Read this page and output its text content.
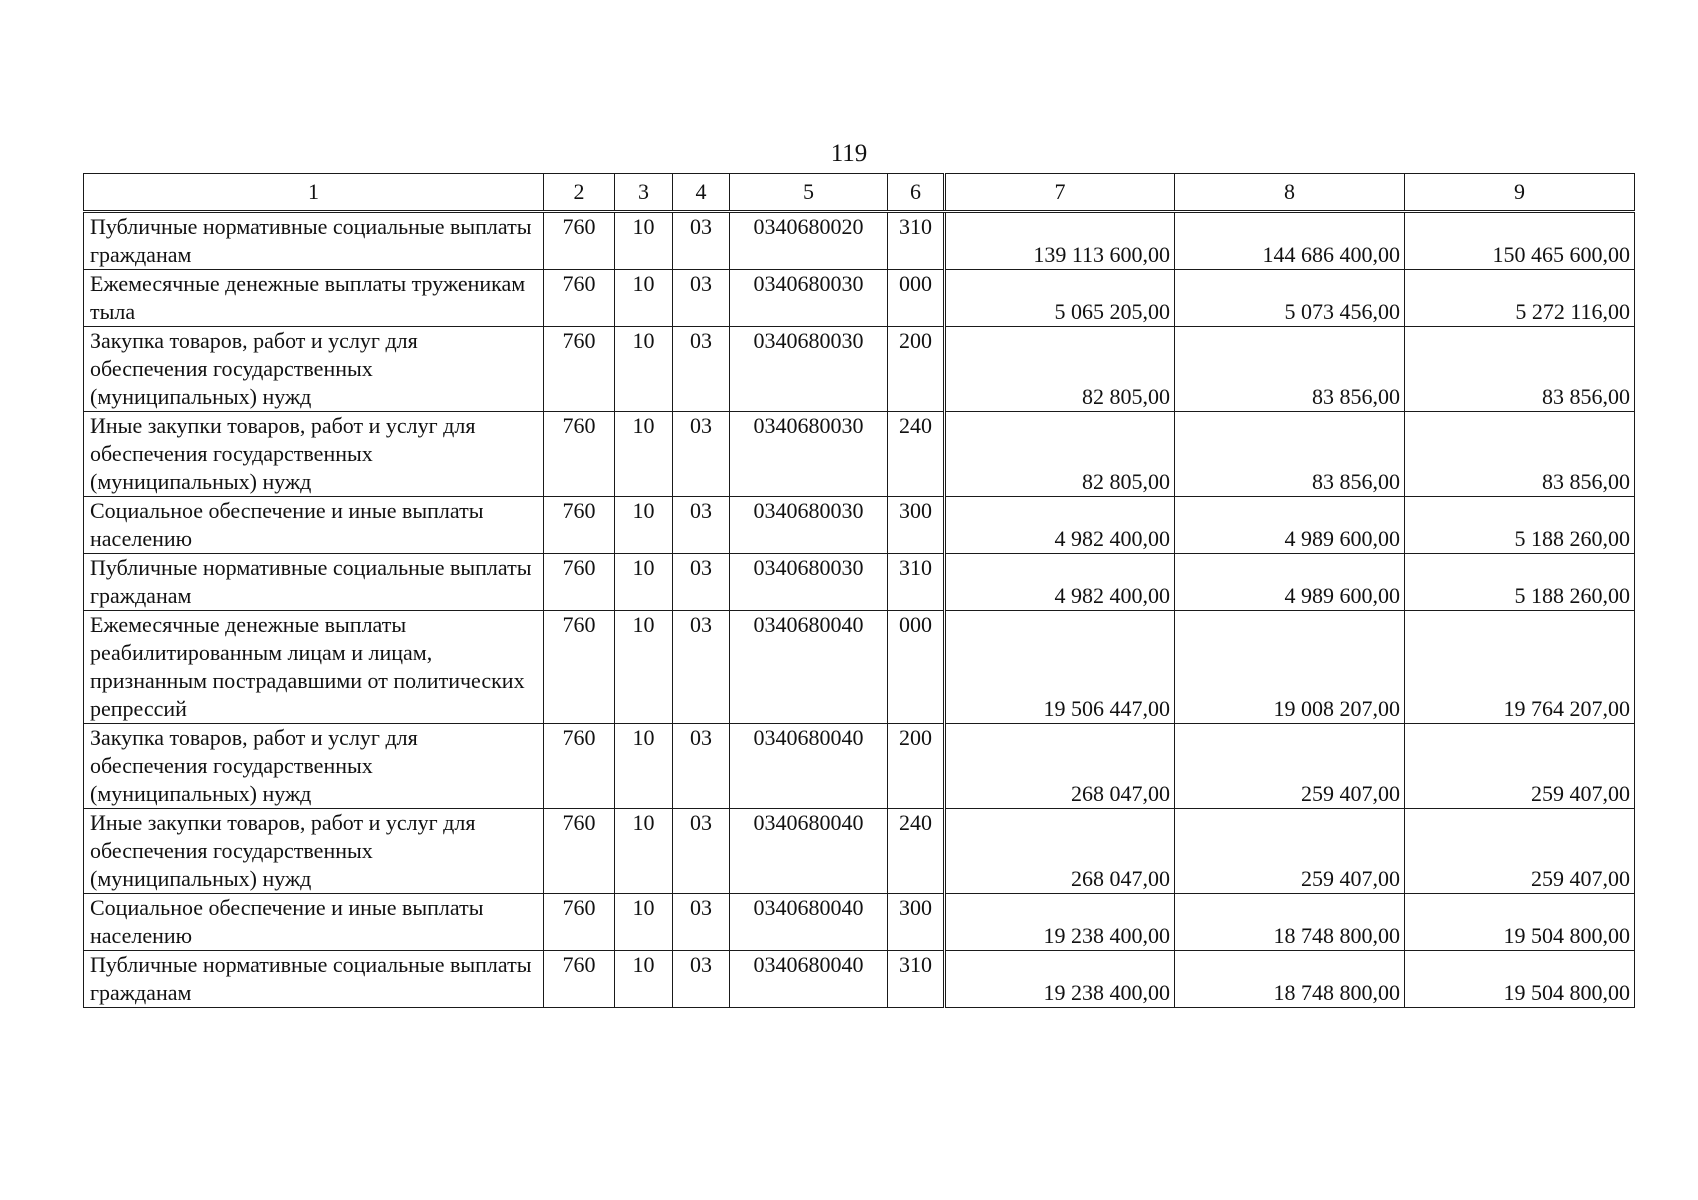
119
1	2	3	4	5	6	7	8	9
Публичные нормативные социальные выплаты гражданам	760	10	03	0340680020	310	139 113 600,00	144 686 400,00	150 465 600,00

Ежемесячные денежные выплаты труженикам тыла	760	10	03	0340680030	000	5 065 205,00	5 073 456,00	5 272 116,00

Закупка товаров, работ и услуг для обеспечения государственных (муниципальных) нужд	760	10	03	0340680030	200	82 805,00	83 856,00	83 856,00

Иные закупки товаров, работ и услуг для обеспечения государственных (муниципальных) нужд	760	10	03	0340680030	240	82 805,00	83 856,00	83 856,00

Социальное обеспечение и иные выплаты населению	760	10	03	0340680030	300	4 982 400,00	4 989 600,00	5 188 260,00

Публичные нормативные социальные выплаты гражданам	760	10	03	0340680030	310	4 982 400,00	4 989 600,00	5 188 260,00

Ежемесячные денежные выплаты реабилитированным лицам и лицам, признанным пострадавшими от политических репрессий	760	10	03	0340680040	000	19 506 447,00	19 008 207,00	19 764 207,00

Закупка товаров, работ и услуг для обеспечения государственных (муниципальных) нужд	760	10	03	0340680040	200	268 047,00	259 407,00	259 407,00

Иные закупки товаров, работ и услуг для обеспечения государственных (муниципальных) нужд	760	10	03	0340680040	240	268 047,00	259 407,00	259 407,00

Социальное обеспечение и иные выплаты населению	760	10	03	0340680040	300	19 238 400,00	18 748 800,00	19 504 800,00

Публичные нормативные социальные выплаты гражданам	760	10	03	0340680040	310	19 238 400,00	18 748 800,00	19 504 800,00
